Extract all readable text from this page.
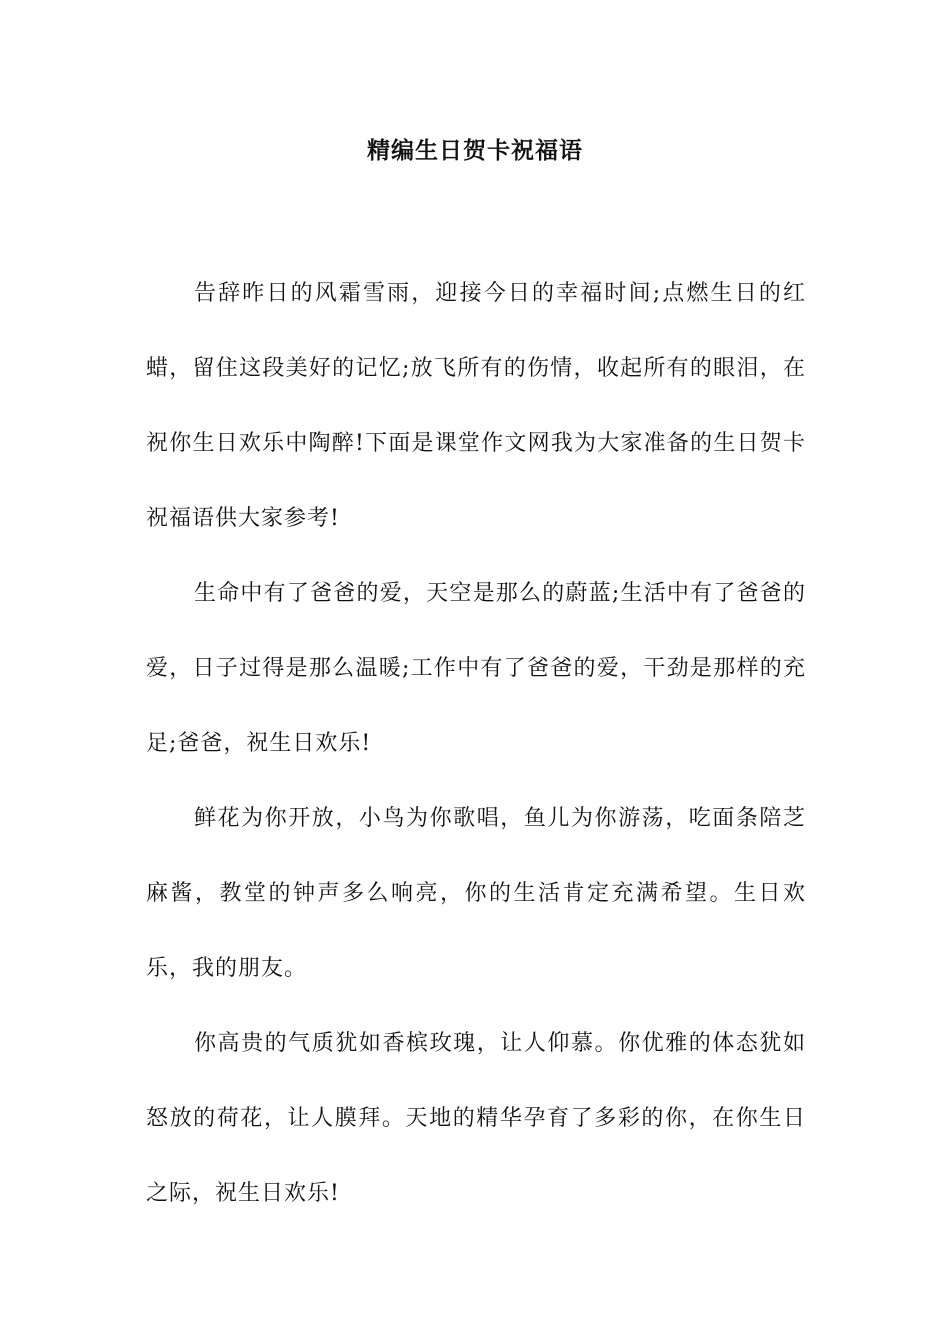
精编生日贺卡祝福语

告辞昨日的风霜雪雨，迎接今日的幸福时间;点燃生日的红蜡，留住这段美好的记忆;放飞所有的伤情，收起所有的眼泪，在祝你生日欢乐中陶醉!下面是课堂作文网我为大家准备的生日贺卡祝福语供大家参考!

生命中有了爸爸的爱，天空是那么的蔚蓝;生活中有了爸爸的爱，日子过得是那么温暖;工作中有了爸爸的爱，干劲是那样的充足;爸爸，祝生日欢乐!

鲜花为你开放，小鸟为你歌唱，鱼儿为你游荡，吃面条陪芝麻酱，教堂的钟声多么响亮，你的生活肯定充满希望。生日欢乐，我的朋友。

你高贵的气质犹如香槟玫瑰，让人仰慕。你优雅的体态犹如怒放的荷花，让人膜拜。天地的精华孕育了多彩的你，在你生日之际，祝生日欢乐!
